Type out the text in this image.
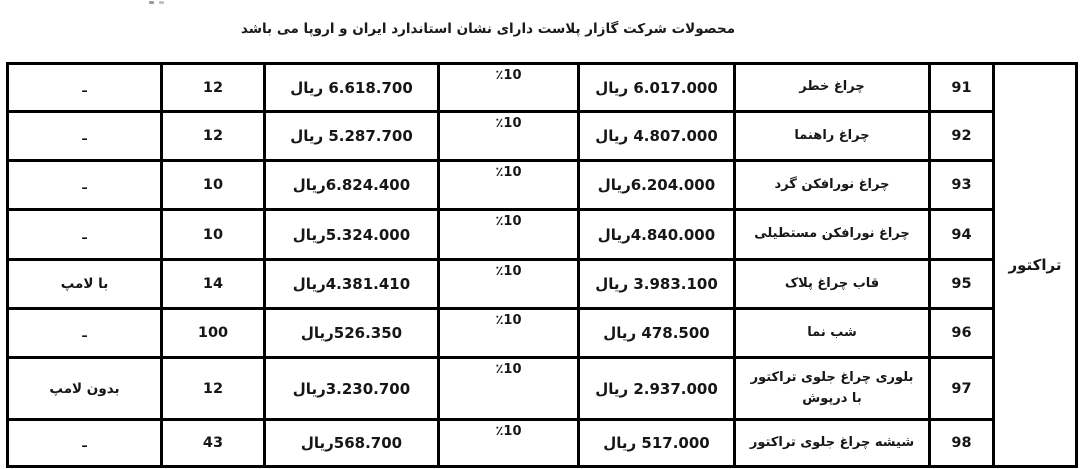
محصولات شرکت گازار پلاست دارای نشان استاندارد ایران و اروپا می باشد
تراکتور	91	چراغ خطر	6.017.000 ریال	٪10	6.618.700 ریال	12	ـ
	92	چراغ راهنما	4.807.000 ریال	٪10	5.287.700 ریال	12	ـ
	93	چراغ نورافکن گرد	6.204.000ریال	٪10	6.824.400ریال	10	ـ
	94	چراغ نورافکن مستطیلی	4.840.000ریال	٪10	5.324.000ریال	10	ـ
	95	قاب چراغ پلاک	3.983.100 ریال	٪10	4.381.410ریال	14	با لامپ
	96	شب نما	478.500 ریال	٪10	526.350ریال	100	ـ
	97	بلوری چراغ جلوی تراکتور با درپوش	2.937.000 ریال	٪10	3.230.700ریال	12	بدون لامپ
	98	شیشه چراغ جلوی تراکتور	517.000 ریال	٪10	568.700ریال	43	ـ
